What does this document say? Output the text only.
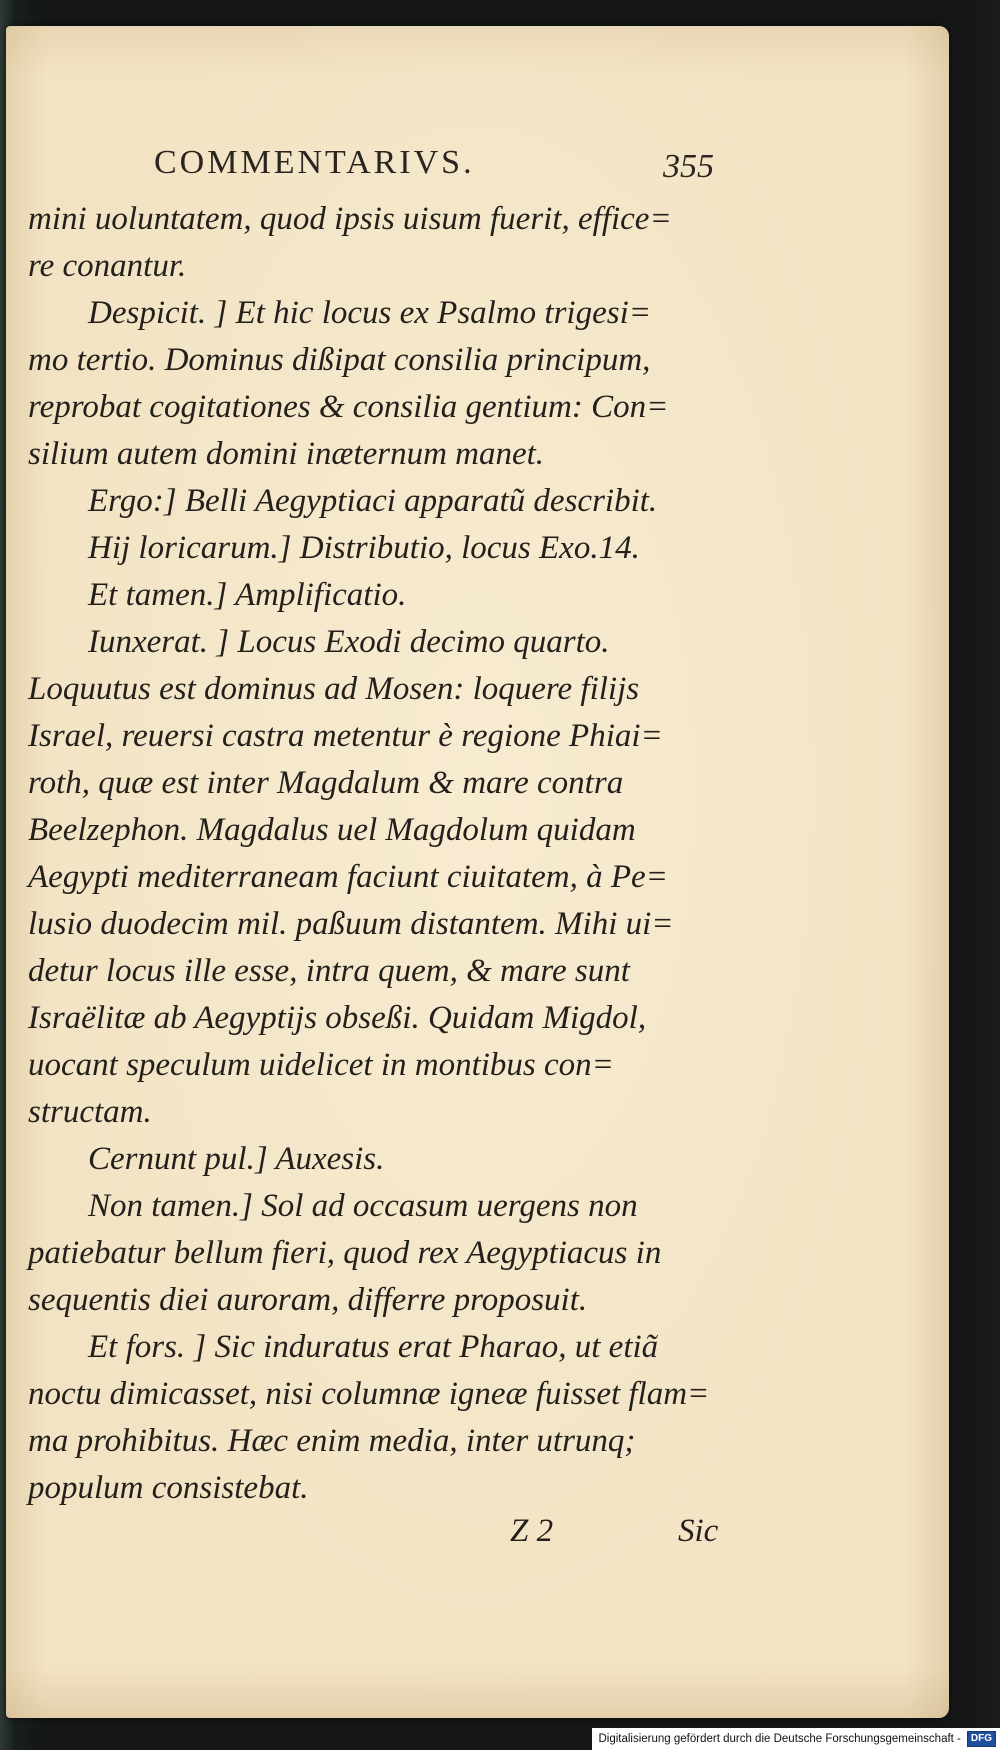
COMMENTARIVS.	355
mini uoluntatem, quod ipsis uisum fuerit, effice=
re conantur.
Despicit. ] Et hic locus ex Psalmo trigesi=
mo tertio. Dominus dißipat consilia principum,
reprobat cogitationes & consilia gentium: Con=
silium autem domini inæternum manet.
Ergo:] Belli Aegyptiaci apparatũ describit.
Hij loricarum.] Distributio, locus Exo.14.
Et tamen.] Amplificatio.
Iunxerat. ] Locus Exodi decimo quarto.
Loquutus est dominus ad Mosen: loquere filijs
Israel, reuersi castra metentur è regione Phiai=
roth, quæ est inter Magdalum & mare contra
Beelzephon. Magdalus uel Magdolum quidam
Aegypti mediterraneam faciunt ciuitatem, à Pe=
lusio duodecim mil. paßuum distantem. Mihi ui=
detur locus ille esse, intra quem, & mare sunt
Israëlitæ ab Aegyptijs obseßi. Quidam Migdol,
uocant speculum uidelicet in montibus con=
structam.
Cernunt pul.] Auxesis.
Non tamen.] Sol ad occasum uergens non
patiebatur bellum fieri, quod rex Aegyptiacus in
sequentis diei auroram, differre proposuit.
Et fors. ] Sic induratus erat Pharao, ut etiã
noctu dimicasset, nisi columnæ igneæ fuisset flam=
ma prohibitus. Hæc enim media, inter utrunq;
populum consistebat.
Z 2	Sic
Digitalisierung gefördert durch die Deutsche Forschungsgemeinschaft -	DFG
